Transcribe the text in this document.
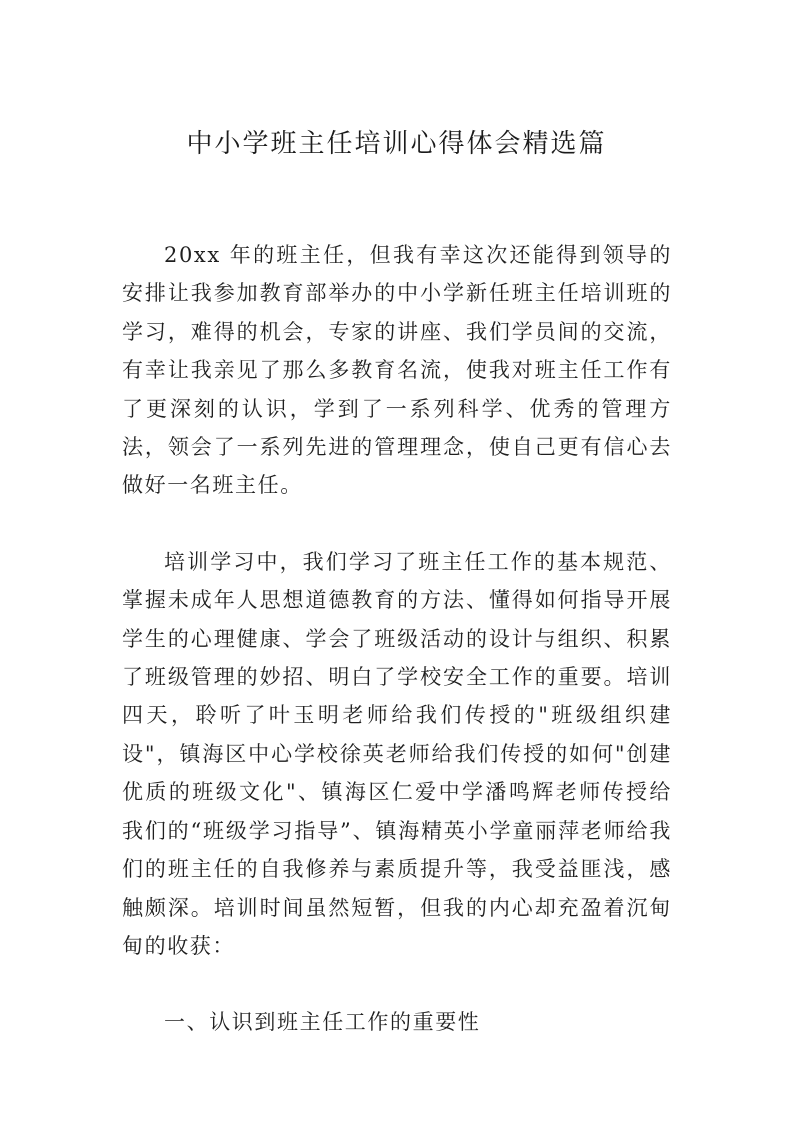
中小学班主任培训心得体会精选篇

20xx 年的班主任，但我有幸这次还能得到领导的安排让我参加教育部举办的中小学新任班主任培训班的学习，难得的机会，专家的讲座、我们学员间的交流，有幸让我亲见了那么多教育名流，使我对班主任工作有了更深刻的认识，学到了一系列科学、优秀的管理方法，领会了一系列先进的管理理念，使自己更有信心去做好一名班主任。

培训学习中，我们学习了班主任工作的基本规范、掌握未成年人思想道德教育的方法、懂得如何指导开展学生的心理健康、学会了班级活动的设计与组织、积累了班级管理的妙招、明白了学校安全工作的重要。培训四天，聆听了叶玉明老师给我们传授的"班级组织建设"，镇海区中心学校徐英老师给我们传授的如何"创建优质的班级文化"、镇海区仁爱中学潘鸣辉老师传授给我们的“班级学习指导”、镇海精英小学童丽萍老师给我们的班主任的自我修养与素质提升等，我受益匪浅，感触颇深。培训时间虽然短暂，但我的内心却充盈着沉甸甸的收获：

一、认识到班主任工作的重要性
